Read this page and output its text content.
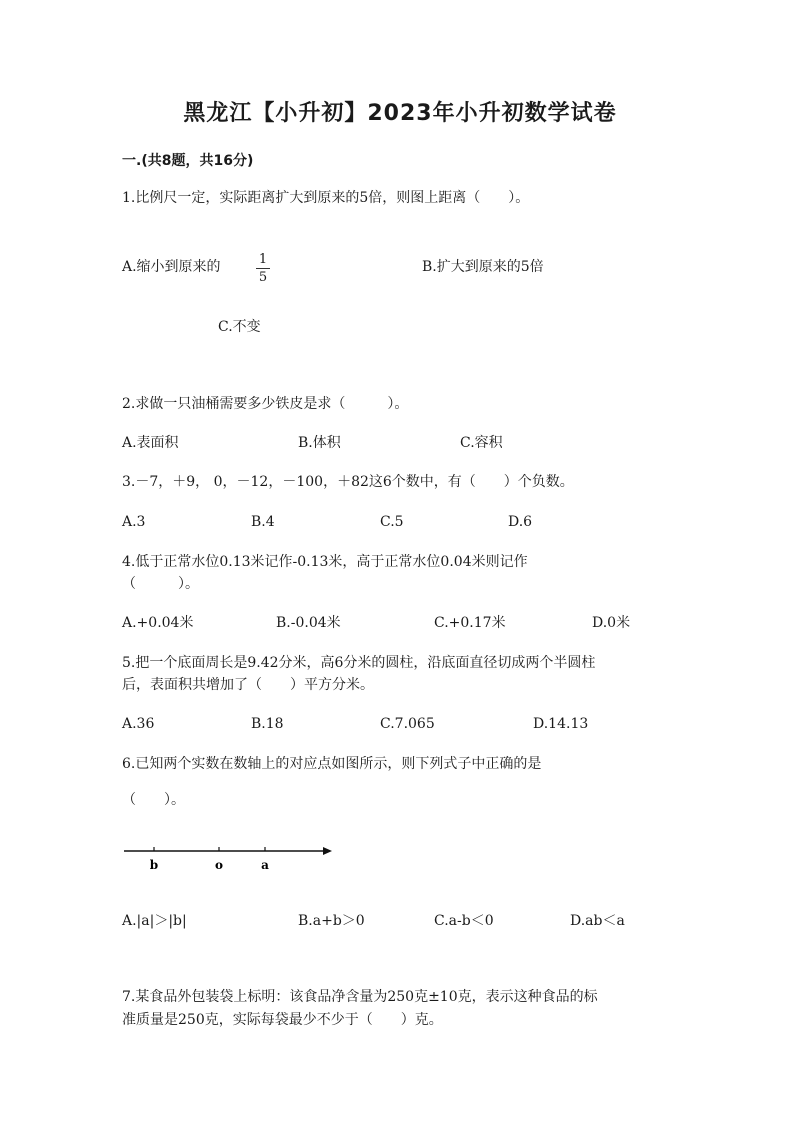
黑龙江【小升初】2023年小升初数学试卷
一.(共8题，共16分)
1.比例尺一定，实际距离扩大到原来的5倍，则图上距离（　　）。
A.缩小到原来的	1
5
B.扩大到原来的5倍
C.不变
2.求做一只油桶需要多少铁皮是求（　　　）。
A.表面积	B.体积	C.容积
3.－7，＋9， 0，－12，－100，＋82这6个数中，有（　　）个负数。
A.3	B.4	C.5	D.6
4.低于正常水位0.13米记作-0.13米，高于正常水位0.04米则记作
（　　　）。
A.+0.04米	B.-0.04米	C.+0.17米	D.0米
5.把一个底面周长是9.42分米，高6分米的圆柱，沿底面直径切成两个半圆柱
后，表面积共增加了（　　）平方分米。
A.36	B.18	C.7.065	D.14.13
6.已知两个实数在数轴上的对应点如图所示，则下列式子中正确的是
（　　）。
b	o	a
A.|a|＞|b|	B.a+b＞0	C.a-b＜0	D.ab＜a
7.某食品外包装袋上标明：该食品净含量为250克±10克，表示这种食品的标
准质量是250克，实际每袋最少不少于（　　）克。
